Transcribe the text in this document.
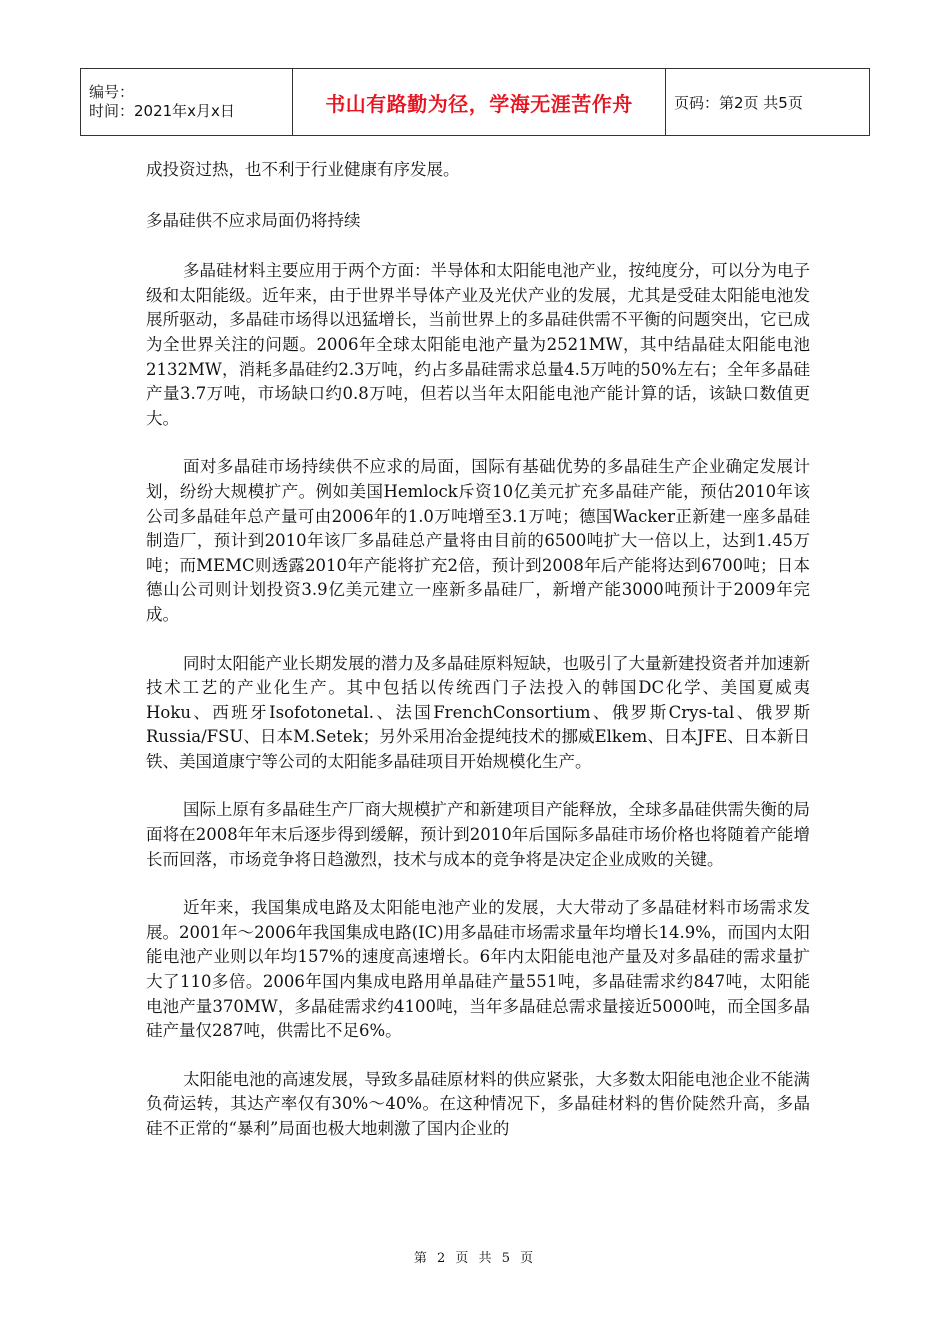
编号：
时间：2021年x月x日	书山有路勤为径，学海无涯苦作舟	页码：第2页 共5页

成投资过热，也不利于行业健康有序发展。

多晶硅供不应求局面仍将持续

多晶硅材料主要应用于两个方面：半导体和太阳能电池产业，按纯度分，可以分为电子级和太阳能级。近年来，由于世界半导体产业及光伏产业的发展，尤其是受硅太阳能电池发展所驱动，多晶硅市场得以迅猛增长，当前世界上的多晶硅供需不平衡的问题突出，它已成为全世界关注的问题。2006年全球太阳能电池产量为2521MW，其中结晶硅太阳能电池2132MW，消耗多晶硅约2.3万吨，约占多晶硅需求总量4.5万吨的50%左右；全年多晶硅产量3.7万吨，市场缺口约0.8万吨，但若以当年太阳能电池产能计算的话，该缺口数值更大。

面对多晶硅市场持续供不应求的局面，国际有基础优势的多晶硅生产企业确定发展计划，纷纷大规模扩产。例如美国Hemlock斥资10亿美元扩充多晶硅产能，预估2010年该公司多晶硅年总产量可由2006年的1.0万吨增至3.1万吨；德国Wacker正新建一座多晶硅制造厂，预计到2010年该厂多晶硅总产量将由目前的6500吨扩大一倍以上，达到1.45万吨；而MEMC则透露2010年产能将扩充2倍，预计到2008年后产能将达到6700吨；日本德山公司则计划投资3.9亿美元建立一座新多晶硅厂，新增产能3000吨预计于2009年完成。

同时太阳能产业长期发展的潜力及多晶硅原料短缺，也吸引了大量新建投资者并加速新技术工艺的产业化生产。其中包括以传统西门子法投入的韩国DC化学、美国夏威夷Hoku、西班牙Isofotonetal.、法国FrenchConsortium、俄罗斯Crys-tal、俄罗斯Russia/FSU、日本M.Setek；另外采用冶金提纯技术的挪威Elkem、日本JFE、日本新日铁、美国道康宁等公司的太阳能多晶硅项目开始规模化生产。

国际上原有多晶硅生产厂商大规模扩产和新建项目产能释放，全球多晶硅供需失衡的局面将在2008年年末后逐步得到缓解，预计到2010年后国际多晶硅市场价格也将随着产能增长而回落，市场竞争将日趋激烈，技术与成本的竞争将是决定企业成败的关键。

近年来，我国集成电路及太阳能电池产业的发展，大大带动了多晶硅材料市场需求发展。2001年～2006年我国集成电路(IC)用多晶硅市场需求量年均增长14.9%，而国内太阳能电池产业则以年均157%的速度高速增长。6年内太阳能电池产量及对多晶硅的需求量扩大了110多倍。2006年国内集成电路用单晶硅产量551吨，多晶硅需求约847吨，太阳能电池产量370MW，多晶硅需求约4100吨，当年多晶硅总需求量接近5000吨，而全国多晶硅产量仅287吨，供需比不足6%。

太阳能电池的高速发展，导致多晶硅原材料的供应紧张，大多数太阳能电池企业不能满负荷运转，其达产率仅有30%～40%。在这种情况下，多晶硅材料的售价陡然升高，多晶硅不正常的“暴利”局面也极大地刺激了国内企业的

第 2 页 共 5 页
